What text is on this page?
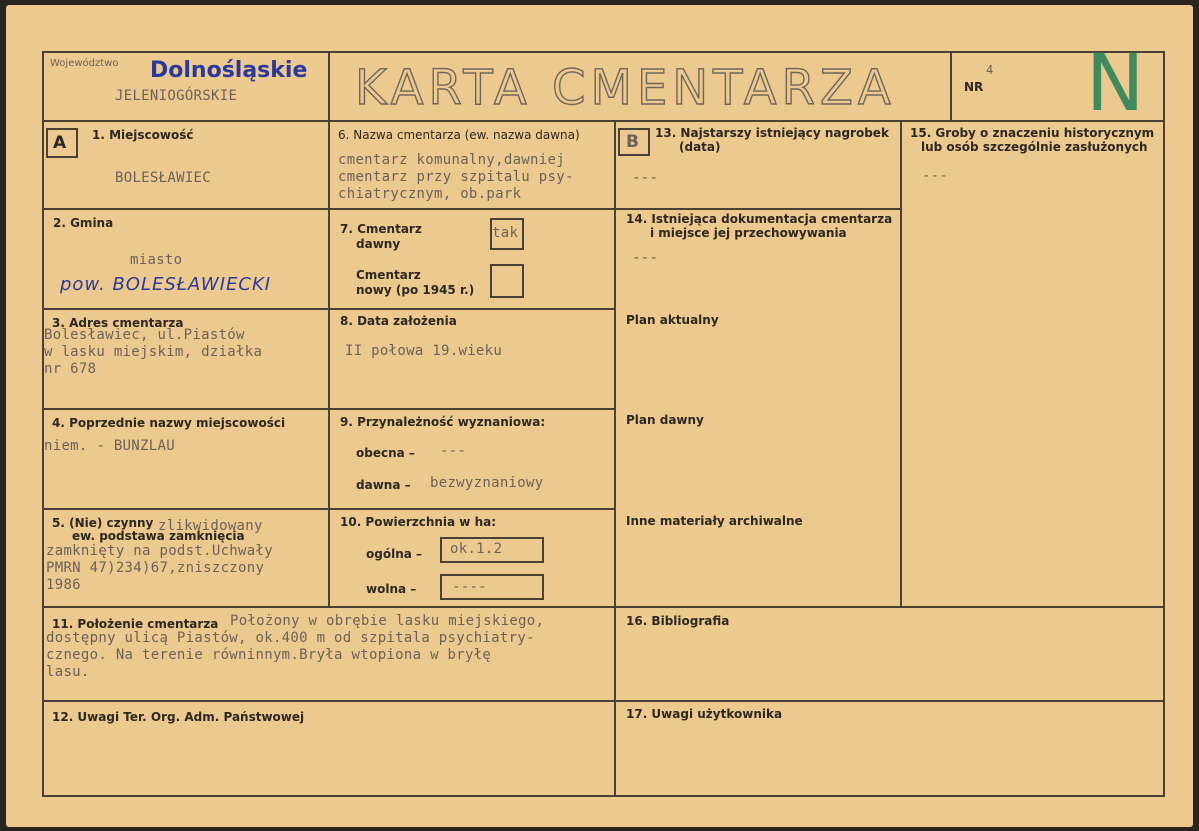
Województwo Dolnośląskie
JELENIOGÓRSKIE KARTA CMENTARZA	NR
4 N
A 1. Miejscowość
BOLESŁAWIEC
2. Gmina
miasto
pow. BOLESŁAWIECKI
3. Adres cmentarza
Bolesławiec, ul.Piastów
w lasku miejskim, działka
nr 678
4. Poprzednie nazwy miejscowości
niem. - BUNZLAU
5. (Nie) czynny
ew. podstawa zamknięcia
zlikwidowany
zamknięty na podst.Uchwały
PMRN 47)234)67,zniszczony
1986
6. Nazwa cmentarza (ew. nazwa dawna)
cmentarz komunalny,dawniej
cmentarz przy szpitalu psy-
chiatrycznym, ob.park
7. Cmentarz
dawny
tak
Cmentarz
nowy (po 1945 r.)
8. Data założenia
II połowa 19.wieku
9. Przynależność wyznaniowa:
obecna – ---
dawna – bezwyznaniowy
10. Powierzchnia w ha:
ogólna – ok.1.2
wolna –	----
B 13. Najstarszy istniejący nagrobek
(data)
---
14. Istniejąca dokumentacja cmentarza
i miejsce jej przechowywania
---
Plan aktualny
Plan dawny
Inne materiały archiwalne
15. Groby o znaczeniu historycznym
lub osób szczególnie zasłużonych
---
11. Położenie cmentarza Położony w obrębie lasku miejskiego,
dostępny ulicą Piastów, ok.400 m od szpitala psychiatry-
cznego. Na terenie równinnym.Bryła wtopiona w bryłę
lasu.
16. Bibliografia
12. Uwagi Ter. Org. Adm. Państwowej	17. Uwagi użytkownika
